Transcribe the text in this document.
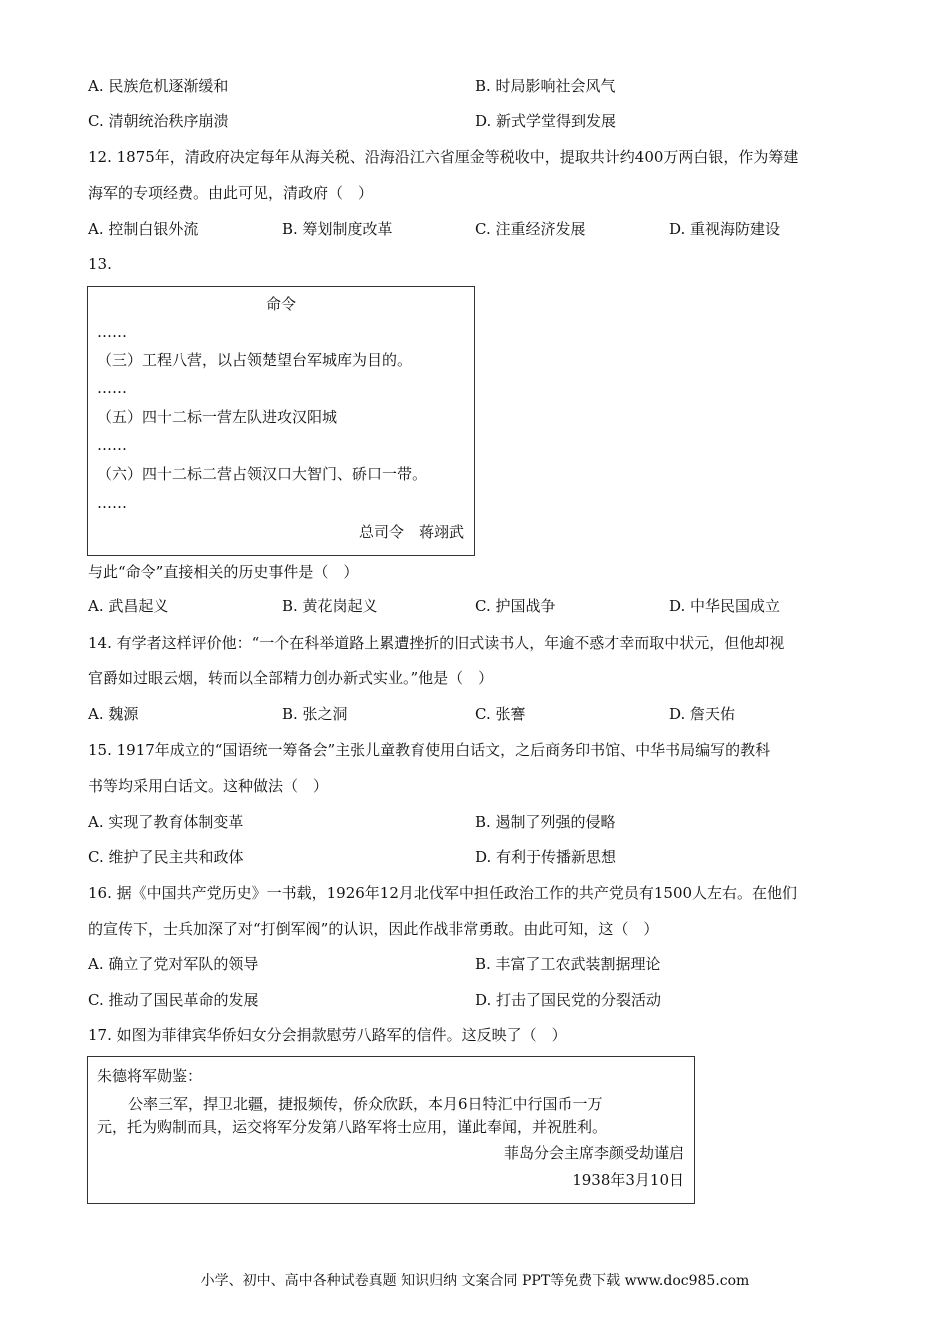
A. 民族危机逐渐缓和	B. 时局影响社会风气
C. 清朝统治秩序崩溃	D. 新式学堂得到发展
12. 1875年，清政府决定每年从海关税、沿海沿江六省厘金等税收中，提取共计约400万两白银，作为筹建
海军的专项经费。由此可见，清政府（　）
A. 控制白银外流	B. 筹划制度改革	C. 注重经济发展	D. 重视海防建设
13.
命令
……
（三）工程八营，以占领楚望台军城库为目的。
……
（五）四十二标一营左队进攻汉阳城
……
（六）四十二标二营占领汉口大智门、硚口一带。
……
总司令　蒋翊武
与此“命令”直接相关的历史事件是（　）
A. 武昌起义	B. 黄花岗起义	C. 护国战争	D. 中华民国成立
14. 有学者这样评价他：“一个在科举道路上累遭挫折的旧式读书人，年逾不惑才幸而取中状元，但他却视
官爵如过眼云烟，转而以全部精力创办新式实业。”他是（　）
A. 魏源	B. 张之洞	C. 张謇	D. 詹天佑
15. 1917年成立的“国语统一筹备会”主张儿童教育使用白话文，之后商务印书馆、中华书局编写的教科
书等均采用白话文。这种做法（　）
A. 实现了教育体制变革	B. 遏制了列强的侵略
C. 维护了民主共和政体	D. 有利于传播新思想
16. 据《中国共产党历史》一书载，1926年12月北伐军中担任政治工作的共产党员有1500人左右。在他们
的宣传下，士兵加深了对“打倒军阀”的认识，因此作战非常勇敢。由此可知，这（　）
A. 确立了党对军队的领导	B. 丰富了工农武装割据理论
C. 推动了国民革命的发展	D. 打击了国民党的分裂活动
17. 如图为菲律宾华侨妇女分会捐款慰劳八路军的信件。这反映了（　）
朱德将军勋鉴：
公率三军，捍卫北疆，捷报频传，侨众欣跃，本月6日特汇中行国币一万
元，托为购制而具，运交将军分发第八路军将士应用，谨此奉闻，并祝胜利。
菲岛分会主席李颜受劫谨启
1938年3月10日
小学、初中、高中各种试卷真题 知识归纳 文案合同 PPT等免费下载 www.doc985.com
